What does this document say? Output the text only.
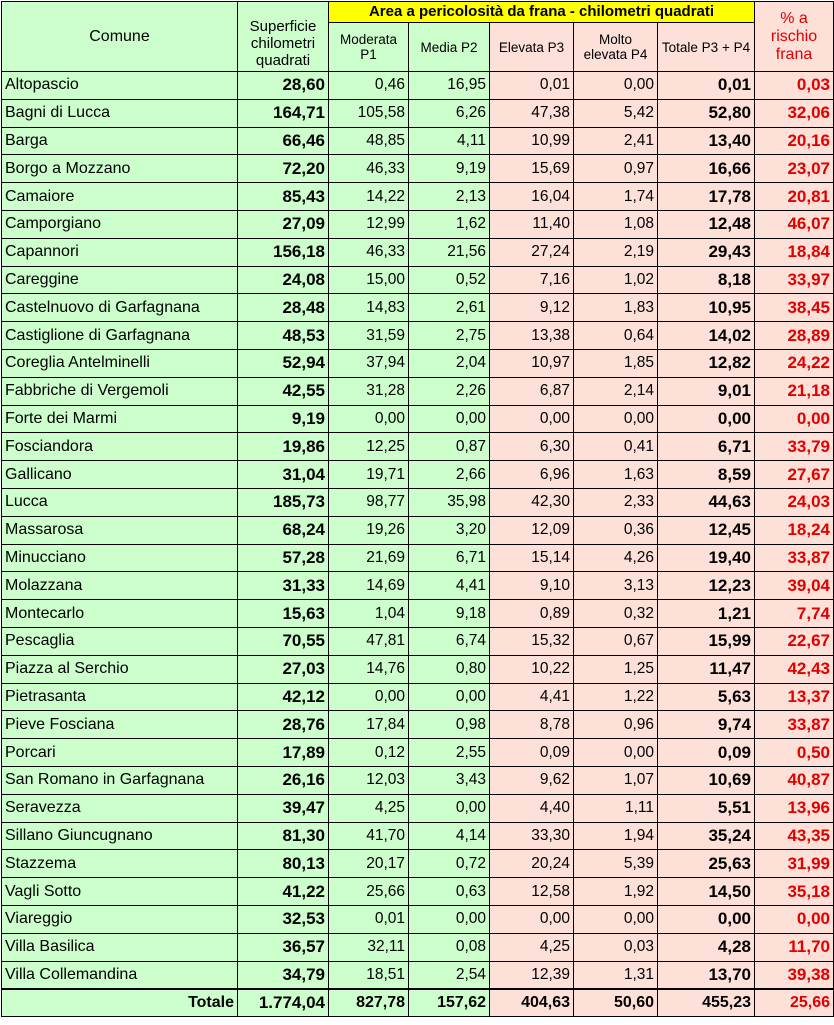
Comune	Superficie chilometri quadrati	Area a pericolosità da frana - chilometri quadrati					% a rischio frana
		Moderata P1	Media P2	Elevata P3	Molto elevata P4	Totale P3 + P4	
Altopascio	28,60	0,46	16,95	0,01	0,00	0,01	0,03
Bagni di Lucca	164,71	105,58	6,26	47,38	5,42	52,80	32,06
Barga	66,46	48,85	4,11	10,99	2,41	13,40	20,16
Borgo a Mozzano	72,20	46,33	9,19	15,69	0,97	16,66	23,07
Camaiore	85,43	14,22	2,13	16,04	1,74	17,78	20,81
Camporgiano	27,09	12,99	1,62	11,40	1,08	12,48	46,07
Capannori	156,18	46,33	21,56	27,24	2,19	29,43	18,84
Careggine	24,08	15,00	0,52	7,16	1,02	8,18	33,97
Castelnuovo di Garfagnana	28,48	14,83	2,61	9,12	1,83	10,95	38,45
Castiglione di Garfagnana	48,53	31,59	2,75	13,38	0,64	14,02	28,89
Coreglia Antelminelli	52,94	37,94	2,04	10,97	1,85	12,82	24,22
Fabbriche di Vergemoli	42,55	31,28	2,26	6,87	2,14	9,01	21,18
Forte dei Marmi	9,19	0,00	0,00	0,00	0,00	0,00	0,00
Fosciandora	19,86	12,25	0,87	6,30	0,41	6,71	33,79
Gallicano	31,04	19,71	2,66	6,96	1,63	8,59	27,67
Lucca	185,73	98,77	35,98	42,30	2,33	44,63	24,03
Massarosa	68,24	19,26	3,20	12,09	0,36	12,45	18,24
Minucciano	57,28	21,69	6,71	15,14	4,26	19,40	33,87
Molazzana	31,33	14,69	4,41	9,10	3,13	12,23	39,04
Montecarlo	15,63	1,04	9,18	0,89	0,32	1,21	7,74
Pescaglia	70,55	47,81	6,74	15,32	0,67	15,99	22,67
Piazza al Serchio	27,03	14,76	0,80	10,22	1,25	11,47	42,43
Pietrasanta	42,12	0,00	0,00	4,41	1,22	5,63	13,37
Pieve Fosciana	28,76	17,84	0,98	8,78	0,96	9,74	33,87
Porcari	17,89	0,12	2,55	0,09	0,00	0,09	0,50
San Romano in Garfagnana	26,16	12,03	3,43	9,62	1,07	10,69	40,87
Seravezza	39,47	4,25	0,00	4,40	1,11	5,51	13,96
Sillano Giuncugnano	81,30	41,70	4,14	33,30	1,94	35,24	43,35
Stazzema	80,13	20,17	0,72	20,24	5,39	25,63	31,99
Vagli Sotto	41,22	25,66	0,63	12,58	1,92	14,50	35,18
Viareggio	32,53	0,01	0,00	0,00	0,00	0,00	0,00
Villa Basilica	36,57	32,11	0,08	4,25	0,03	4,28	11,70
Villa Collemandina	34,79	18,51	2,54	12,39	1,31	13,70	39,38
Totale	1.774,04	827,78	157,62	404,63	50,60	455,23	25,66
